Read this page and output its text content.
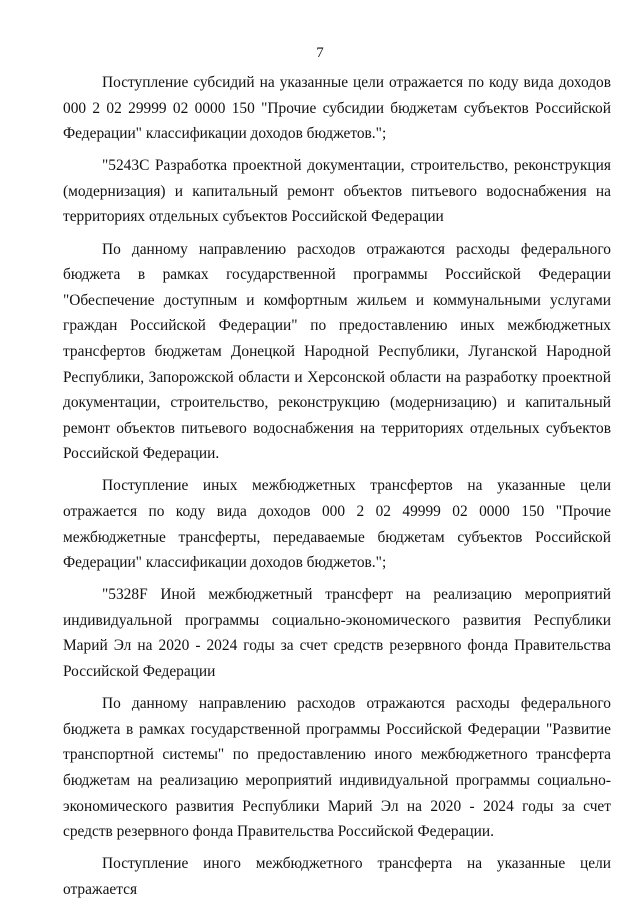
7

Поступление субсидий на указанные цели отражается по коду вида доходов 000 2 02 29999 02 0000 150 "Прочие субсидии бюджетам субъектов Российской Федерации" классификации доходов бюджетов.";

"5243С Разработка проектной документации, строительство, реконструкция (модернизация) и капитальный ремонт объектов питьевого водоснабжения на территориях отдельных субъектов Российской Федерации

По данному направлению расходов отражаются расходы федерального бюджета в рамках государственной программы Российской Федерации "Обеспечение доступным и комфортным жильем и коммунальными услугами граждан Российской Федерации" по предоставлению иных межбюджетных трансфертов бюджетам Донецкой Народной Республики, Луганской Народной Республики, Запорожской области и Херсонской области на разработку проектной документации, строительство, реконструкцию (модернизацию) и капитальный ремонт объектов питьевого водоснабжения на территориях отдельных субъектов Российской Федерации.

Поступление иных межбюджетных трансфертов на указанные цели отражается по коду вида доходов 000 2 02 49999 02 0000 150 "Прочие межбюджетные трансферты, передаваемые бюджетам субъектов Российской Федерации" классификации доходов бюджетов.";

"5328F Иной межбюджетный трансферт на реализацию мероприятий индивидуальной программы социально-экономического развития Республики Марий Эл на 2020 - 2024 годы за счет средств резервного фонда Правительства Российской Федерации

По данному направлению расходов отражаются расходы федерального бюджета в рамках государственной программы Российской Федерации "Развитие транспортной системы" по предоставлению иного межбюджетного трансферта бюджетам на реализацию мероприятий индивидуальной программы социально-экономического развития Республики Марий Эл на 2020 - 2024 годы за счет средств резервного фонда Правительства Российской Федерации.

Поступление иного межбюджетного трансферта на указанные цели отражается
